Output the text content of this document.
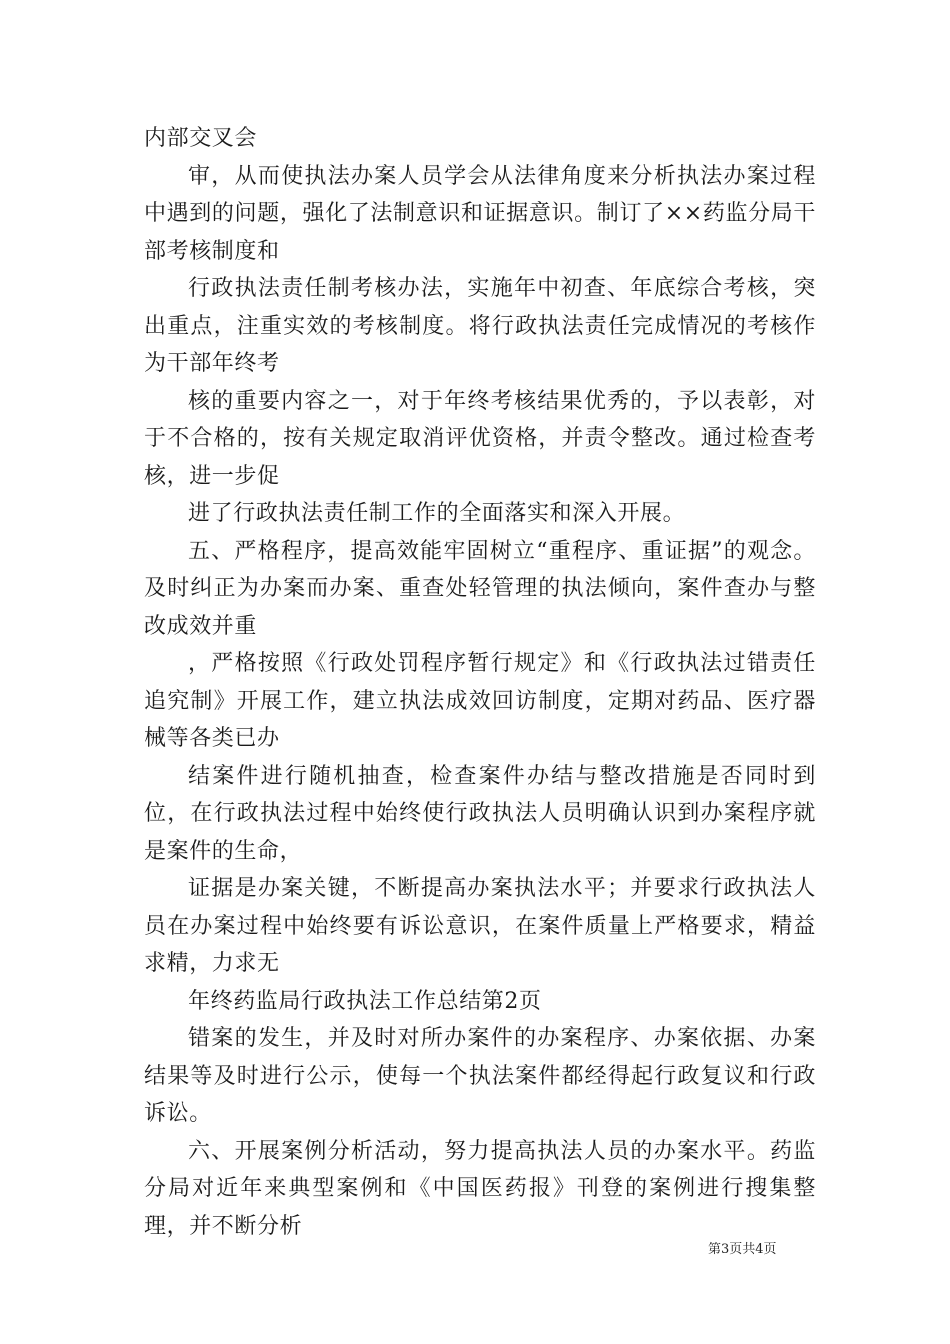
内部交叉会

审，从而使执法办案人员学会从法律角度来分析执法办案过程中遇到的问题，强化了法制意识和证据意识。制订了××药监分局干部考核制度和

行政执法责任制考核办法，实施年中初查、年底综合考核，突出重点，注重实效的考核制度。将行政执法责任完成情况的考核作为干部年终考

核的重要内容之一，对于年终考核结果优秀的，予以表彰，对于不合格的，按有关规定取消评优资格，并责令整改。通过检查考核，进一步促

进了行政执法责任制工作的全面落实和深入开展。

五、严格程序，提高效能牢固树立“重程序、重证据”的观念。及时纠正为办案而办案、重查处轻管理的执法倾向，案件查办与整改成效并重

，严格按照《行政处罚程序暂行规定》和《行政执法过错责任追究制》开展工作，建立执法成效回访制度，定期对药品、医疗器械等各类已办

结案件进行随机抽查，检查案件办结与整改措施是否同时到位，在行政执法过程中始终使行政执法人员明确认识到办案程序就是案件的生命，

证据是办案关键，不断提高办案执法水平；并要求行政执法人员在办案过程中始终要有诉讼意识，在案件质量上严格要求，精益求精，力求无

年终药监局行政执法工作总结第2页

错案的发生，并及时对所办案件的办案程序、办案依据、办案结果等及时进行公示，使每一个执法案件都经得起行政复议和行政诉讼。

六、开展案例分析活动，努力提高执法人员的办案水平。药监分局对近年来典型案例和《中国医药报》刊登的案例进行搜集整理，并不断分析

第3页共4页
